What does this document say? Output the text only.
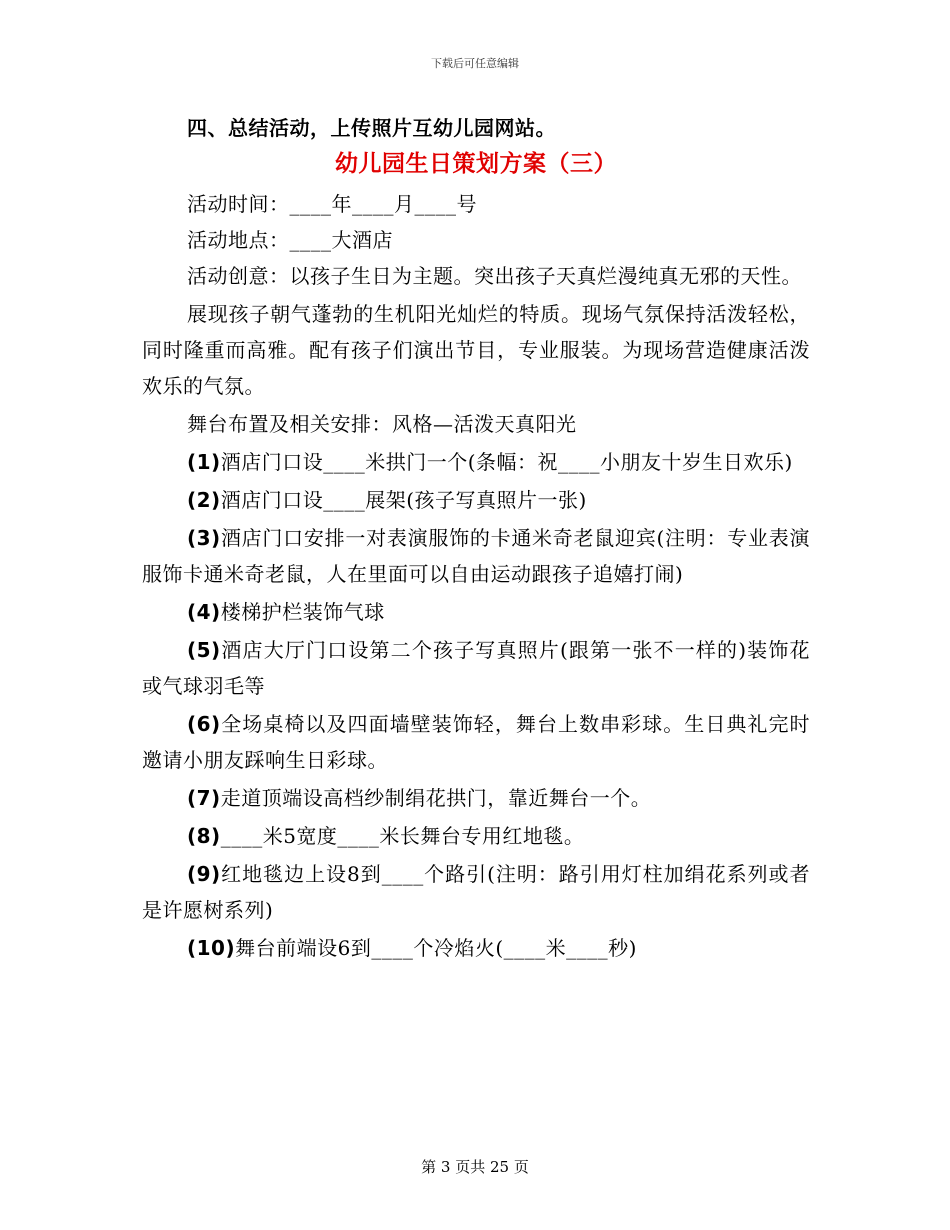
下载后可任意编辑

四、总结活动，上传照片互幼儿园网站。

幼儿园生日策划方案（三）

活动时间：____年____月____号

活动地点：____大酒店

活动创意：以孩子生日为主题。突出孩子天真烂漫纯真无邪的天性。

展现孩子朝气蓬勃的生机阳光灿烂的特质。现场气氛保持活泼轻松，同时隆重而高雅。配有孩子们演出节目，专业服装。为现场营造健康活泼欢乐的气氛。

舞台布置及相关安排：风格—活泼天真阳光

(1)酒店门口设____米拱门一个(条幅：祝____小朋友十岁生日欢乐)

(2)酒店门口设____展架(孩子写真照片一张)

(3)酒店门口安排一对表演服饰的卡通米奇老鼠迎宾(注明：专业表演服饰卡通米奇老鼠，人在里面可以自由运动跟孩子追嬉打闹)

(4)楼梯护栏装饰气球

(5)酒店大厅门口设第二个孩子写真照片(跟第一张不一样的)装饰花或气球羽毛等

(6)全场桌椅以及四面墙壁装饰轻，舞台上数串彩球。生日典礼完时邀请小朋友踩响生日彩球。

(7)走道顶端设高档纱制绢花拱门，靠近舞台一个。

(8)____米5宽度____米长舞台专用红地毯。

(9)红地毯边上设8到____个路引(注明：路引用灯柱加绢花系列或者是许愿树系列)

(10)舞台前端设6到____个冷焰火(____米____秒)

第 3 页共 25 页
